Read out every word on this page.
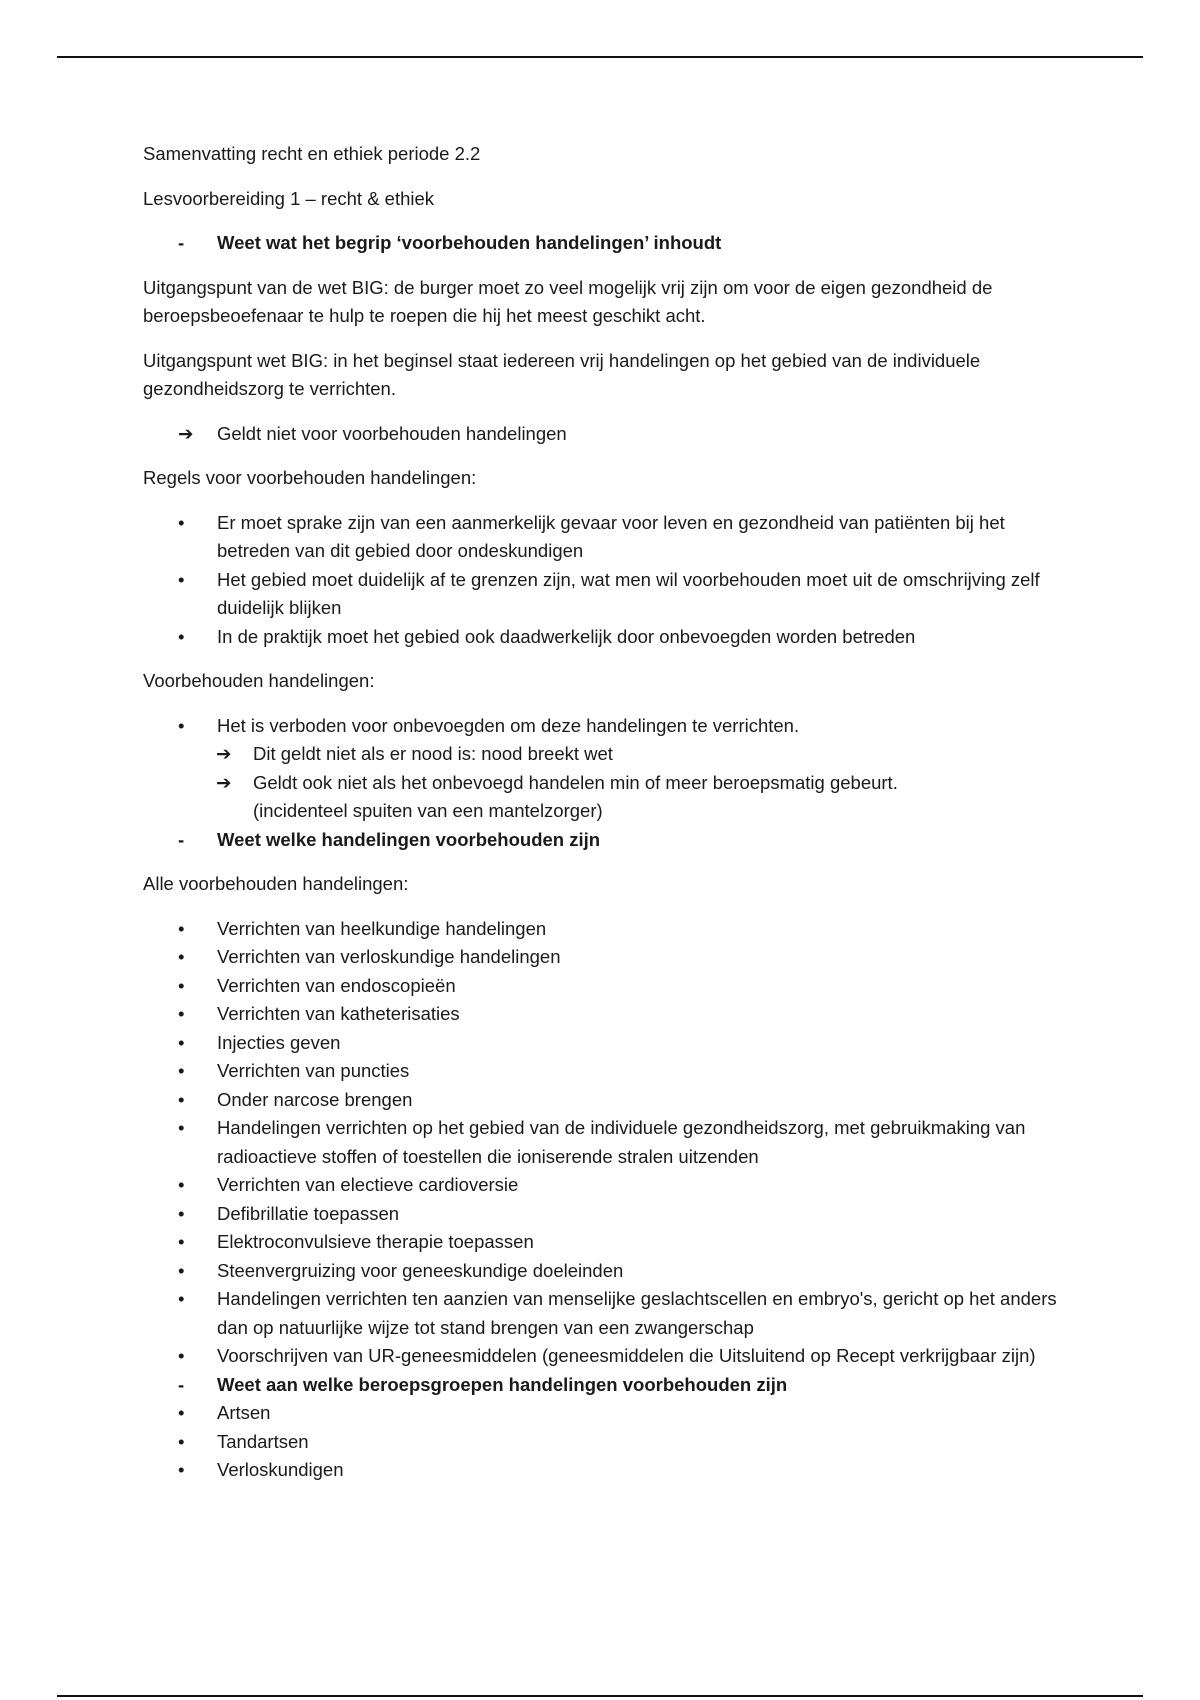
Samenvatting recht en ethiek periode 2.2

Lesvoorbereiding 1 – recht & ethiek

-	Weet wat het begrip ‘voorbehouden handelingen’ inhoudt

Uitgangspunt van de wet BIG: de burger moet zo veel mogelijk vrij zijn om voor de eigen gezondheid de beroepsbeoefenaar te hulp te roepen die hij het meest geschikt acht.

Uitgangspunt wet BIG: in het beginsel staat iedereen vrij handelingen op het gebied van de individuele gezondheidszorg te verrichten.

➔ Geldt niet voor voorbehouden handelingen

Regels voor voorbehouden handelingen:

•	Er moet sprake zijn van een aanmerkelijk gevaar voor leven en gezondheid van patiënten bij het betreden van dit gebied door ondeskundigen
•	Het gebied moet duidelijk af te grenzen zijn, wat men wil voorbehouden moet uit de omschrijving zelf duidelijk blijken
•	In de praktijk moet het gebied ook daadwerkelijk door onbevoegden worden betreden

Voorbehouden handelingen:

•	Het is verboden voor onbevoegden om deze handelingen te verrichten.
➔ Dit geldt niet als er nood is: nood breekt wet
➔ Geldt ook niet als het onbevoegd handelen min of meer beroepsmatig gebeurt.
(incidenteel spuiten van een mantelzorger)
-	Weet welke handelingen voorbehouden zijn

Alle voorbehouden handelingen:

•	Verrichten van heelkundige handelingen
•	Verrichten van verloskundige handelingen
•	Verrichten van endoscopieën
•	Verrichten van katheterisaties
•	Injecties geven
•	Verrichten van puncties
•	Onder narcose brengen
•	Handelingen verrichten op het gebied van de individuele gezondheidszorg, met gebruikmaking van radioactieve stoffen of toestellen die ioniserende stralen uitzenden
•	Verrichten van electieve cardioversie
•	Defibrillatie toepassen
•	Elektroconvulsieve therapie toepassen
•	Steenvergruizing voor geneeskundige doeleinden
•	Handelingen verrichten ten aanzien van menselijke geslachtscellen en embryo's, gericht op het anders dan op natuurlijke wijze tot stand brengen van een zwangerschap
•	Voorschrijven van UR-geneesmiddelen (geneesmiddelen die Uitsluitend op Recept verkrijgbaar zijn)
-	Weet aan welke beroepsgroepen handelingen voorbehouden zijn
•	Artsen
•	Tandartsen
•	Verloskundigen
